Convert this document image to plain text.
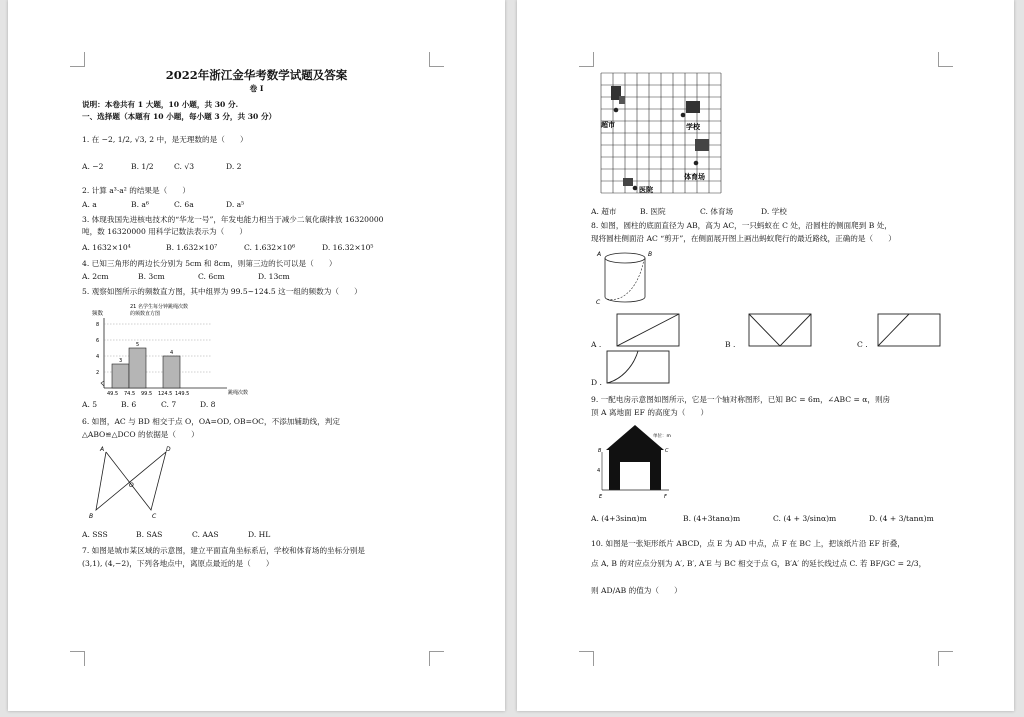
2022年浙江金华考数学试题及答案
卷 I
说明：本卷共有 1 大题，10 小题，共 30 分.
一、选择题（本题有 10 小题，每小题 3 分，共 30 分）
1. 在 −2, 1/2, √3, 2 中，是无理数的是（　　）
A. −2	B. 1/2	C. √3	D. 2
2. 计算 a³·a² 的结果是（　　）
A. a	B. a⁶	C. 6a	D. a⁵
3. 体现我国先进核电技术的“华龙一号”，年发电能力相当于减少二氧化碳排放 16320000
吨，数 16320000 用科学记数法表示为（　　）
A. 1632×10⁴	B. 1.632×10⁷	C. 1.632×10⁶	D. 16.32×10⁵
4. 已知三角形的两边长分别为 5cm 和 8cm，则第三边的长可以是（　　）
A. 2cm	B. 3cm	C. 6cm	D. 13cm
5. 观察如图所示的频数直方图，其中组界为 99.5~124.5 这一组的频数为（　　）
21 名学生每分钟跳绳次数
的频数直方图
频数
2
4
6
8
3
5
4
49.5 74.5 99.5 124.5 149.5	跳绳次数
A. 5	B. 6	C. 7	D. 8
6. 如图，AC 与 BD 相交于点 O，OA=OD, OB=OC，不添加辅助线，判定
△ABO≌△DCO 的依据是（　　）
A	D
O
B	C
A. SSS	B. SAS	C. AAS	D. HL
7. 如图是城市某区域的示意图，建立平面直角坐标系后，学校和体育场的坐标分别是
(3,1), (4,−2)，下列各地点中，离原点最近的是（　　）
超市	学校
体育场
医院
A. 超市	B. 医院	C. 体育场	D. 学校
8. 如图，圆柱的底面直径为 AB，高为 AC，一只蚂蚁在 C 处，沿圆柱的侧面爬到 B 处，
现将圆柱侧面沿 AC “剪开”，在侧面展开图上画出蚂蚁爬行的最近路线，正确的是（　　）
A	B
C
A .	B .	C .
D .
9. 一配电房示意图如图所示，它是一个轴对称图形，已知 BC = 6m，∠ABC = α，则房
顶 A 离地面 EF 的高度为（　　）
A
B	C
E	F
4
单位：m
A. (4+3sinα)m	B. (4+3tanα)m	C. (4 + 3/sinα)m	D. (4 + 3/tanα)m
10. 如图是一张矩形纸片 ABCD，点 E 为 AD 中点，点 F 在 BC 上，把该纸片沿 EF 折叠，
点 A, B 的对应点分别为 A′, B′, A′E 与 BC 相交于点 G，B′A′ 的延长线过点 C. 若 BF/GC = 2/3，
则 AD/AB 的值为（　　）
